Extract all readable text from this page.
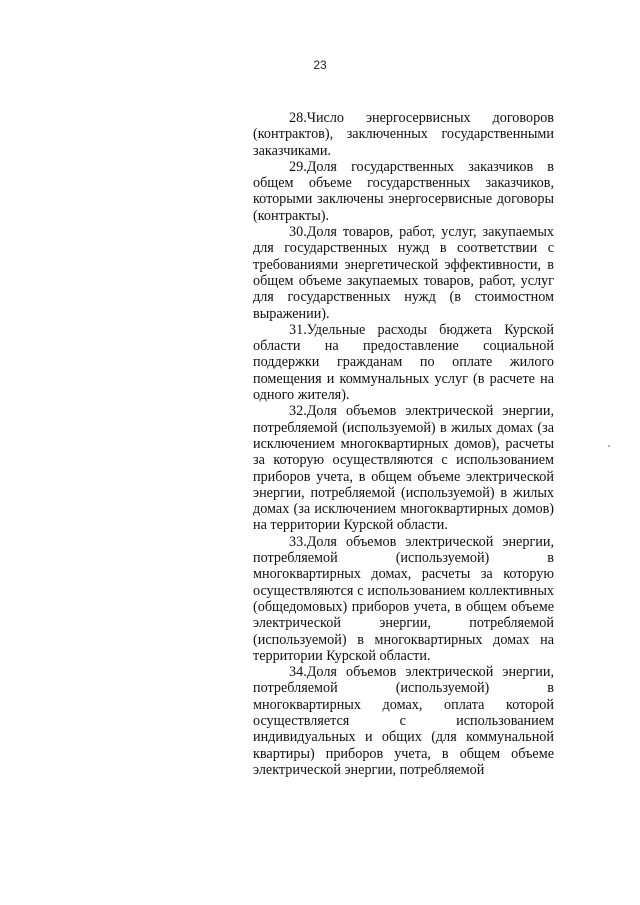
23

28.Число энергосервисных договоров (контрактов), заключенных государственными заказчиками.

29.Доля государственных заказчиков в общем объеме государственных заказчиков, которыми заключены энергосервисные договоры (контракты).

30.Доля товаров, работ, услуг, закупаемых для государственных нужд в соответствии с требованиями энергетической эффективности, в общем объеме закупаемых товаров, работ, услуг для государственных нужд (в стоимостном выражении).

31.Удельные расходы бюджета Курской области на предоставление социальной поддержки гражданам по оплате жилого помещения и коммунальных услуг (в расчете на одного жителя).

32.Доля объемов электрической энергии, потребляемой (используемой) в жилых домах (за исключением многоквартирных домов), расчеты за которую осуществляются с использованием приборов учета, в общем объеме электрической энергии, потребляемой (используемой) в жилых домах (за исключением многоквартирных домов) на территории Курской области.

33.Доля объемов электрической энергии, потребляемой (используемой) в многоквартирных домах, расчеты за которую осуществляются с использованием коллективных (общедомовых) приборов учета, в общем объеме электрической энергии, потребляемой (используемой) в многоквартирных домах на территории Курской области.

34.Доля объемов электрической энергии, потребляемой (используемой) в многоквартирных домах, оплата которой осуществляется с использованием индивидуальных и общих (для коммунальной квартиры) приборов учета, в общем объеме электрической энергии, потребляемой
